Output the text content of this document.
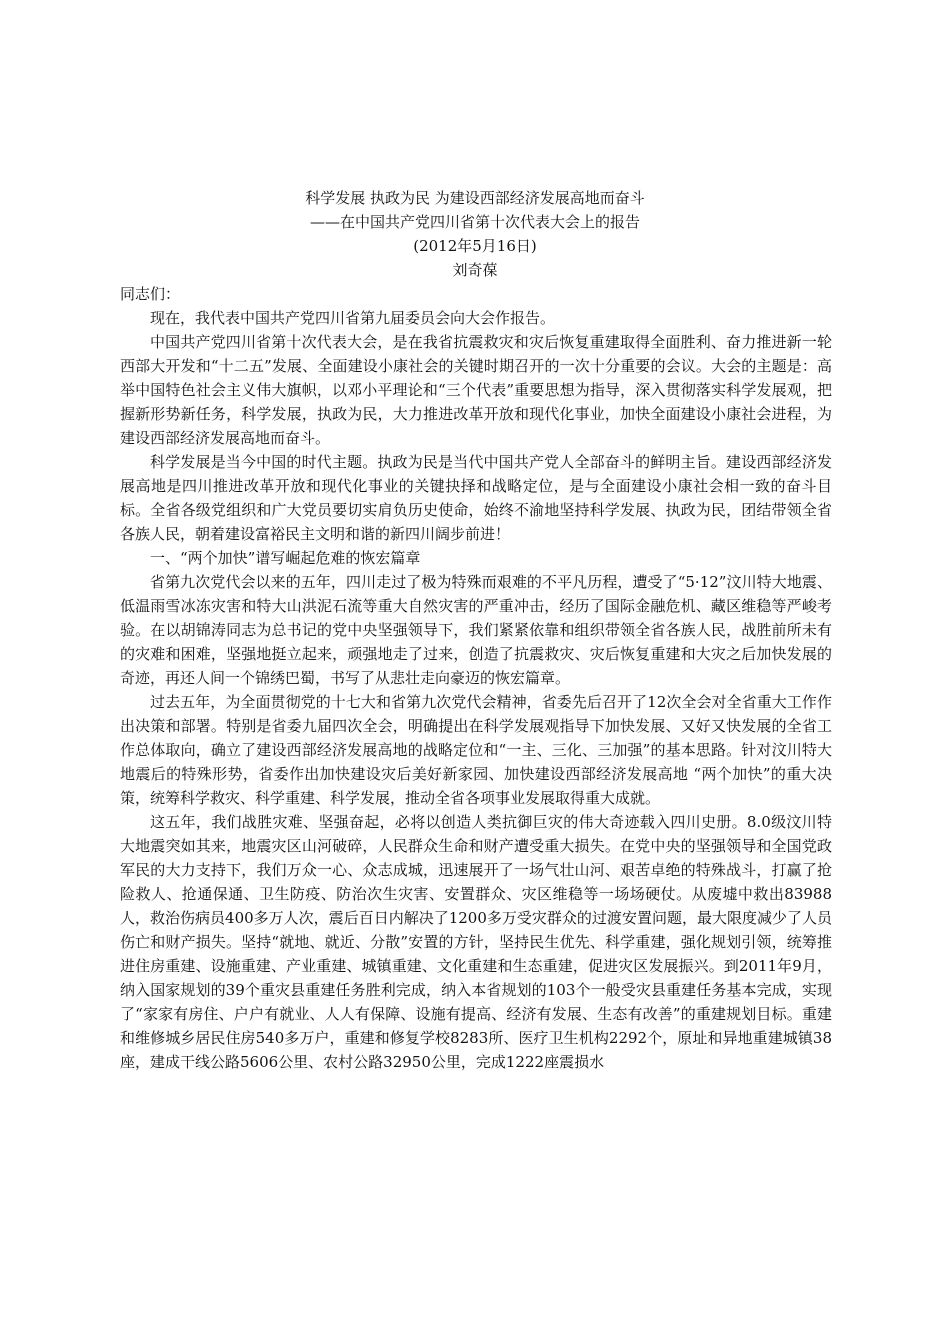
科学发展 执政为民 为建设西部经济发展高地而奋斗
——在中国共产党四川省第十次代表大会上的报告
(2012年5月16日)
刘奇葆

同志们：

现在，我代表中国共产党四川省第九届委员会向大会作报告。

中国共产党四川省第十次代表大会，是在我省抗震救灾和灾后恢复重建取得全面胜利、奋力推进新一轮西部大开发和“十二五”发展、全面建设小康社会的关键时期召开的一次十分重要的会议。大会的主题是：高举中国特色社会主义伟大旗帜，以邓小平理论和“三个代表”重要思想为指导，深入贯彻落实科学发展观，把握新形势新任务，科学发展，执政为民，大力推进改革开放和现代化事业，加快全面建设小康社会进程，为建设西部经济发展高地而奋斗。

科学发展是当今中国的时代主题。执政为民是当代中国共产党人全部奋斗的鲜明主旨。建设西部经济发展高地是四川推进改革开放和现代化事业的关键抉择和战略定位，是与全面建设小康社会相一致的奋斗目标。全省各级党组织和广大党员要切实肩负历史使命，始终不渝地坚持科学发展、执政为民，团结带领全省各族人民，朝着建设富裕民主文明和谐的新四川阔步前进！

一、“两个加快”谱写崛起危难的恢宏篇章

省第九次党代会以来的五年，四川走过了极为特殊而艰难的不平凡历程，遭受了“5·12”汶川特大地震、低温雨雪冰冻灾害和特大山洪泥石流等重大自然灾害的严重冲击，经历了国际金融危机、藏区维稳等严峻考验。在以胡锦涛同志为总书记的党中央坚强领导下，我们紧紧依靠和组织带领全省各族人民，战胜前所未有的灾难和困难，坚强地挺立起来，顽强地走了过来，创造了抗震救灾、灾后恢复重建和大灾之后加快发展的奇迹，再还人间一个锦绣巴蜀，书写了从悲壮走向豪迈的恢宏篇章。

过去五年，为全面贯彻党的十七大和省第九次党代会精神，省委先后召开了12次全会对全省重大工作作出决策和部署。特别是省委九届四次全会，明确提出在科学发展观指导下加快发展、又好又快发展的全省工作总体取向，确立了建设西部经济发展高地的战略定位和“一主、三化、三加强”的基本思路。针对汶川特大地震后的特殊形势，省委作出加快建设灾后美好新家园、加快建设西部经济发展高地 “两个加快”的重大决策，统筹科学救灾、科学重建、科学发展，推动全省各项事业发展取得重大成就。

这五年，我们战胜灾难、坚强奋起，必将以创造人类抗御巨灾的伟大奇迹载入四川史册。8.0级汶川特大地震突如其来，地震灾区山河破碎，人民群众生命和财产遭受重大损失。在党中央的坚强领导和全国党政军民的大力支持下，我们万众一心、众志成城，迅速展开了一场气壮山河、艰苦卓绝的特殊战斗，打赢了抢险救人、抢通保通、卫生防疫、防治次生灾害、安置群众、灾区维稳等一场场硬仗。从废墟中救出83988人，救治伤病员400多万人次，震后百日内解决了1200多万受灾群众的过渡安置问题，最大限度减少了人员伤亡和财产损失。坚持“就地、就近、分散”安置的方针，坚持民生优先、科学重建，强化规划引领，统筹推进住房重建、设施重建、产业重建、城镇重建、文化重建和生态重建，促进灾区发展振兴。到2011年9月，纳入国家规划的39个重灾县重建任务胜利完成，纳入本省规划的103个一般受灾县重建任务基本完成，实现了“家家有房住、户户有就业、人人有保障、设施有提高、经济有发展、生态有改善”的重建规划目标。重建和维修城乡居民住房540多万户，重建和修复学校8283所、医疗卫生机构2292个，原址和异地重建城镇38座，建成干线公路5606公里、农村公路32950公里，完成1222座震损水
